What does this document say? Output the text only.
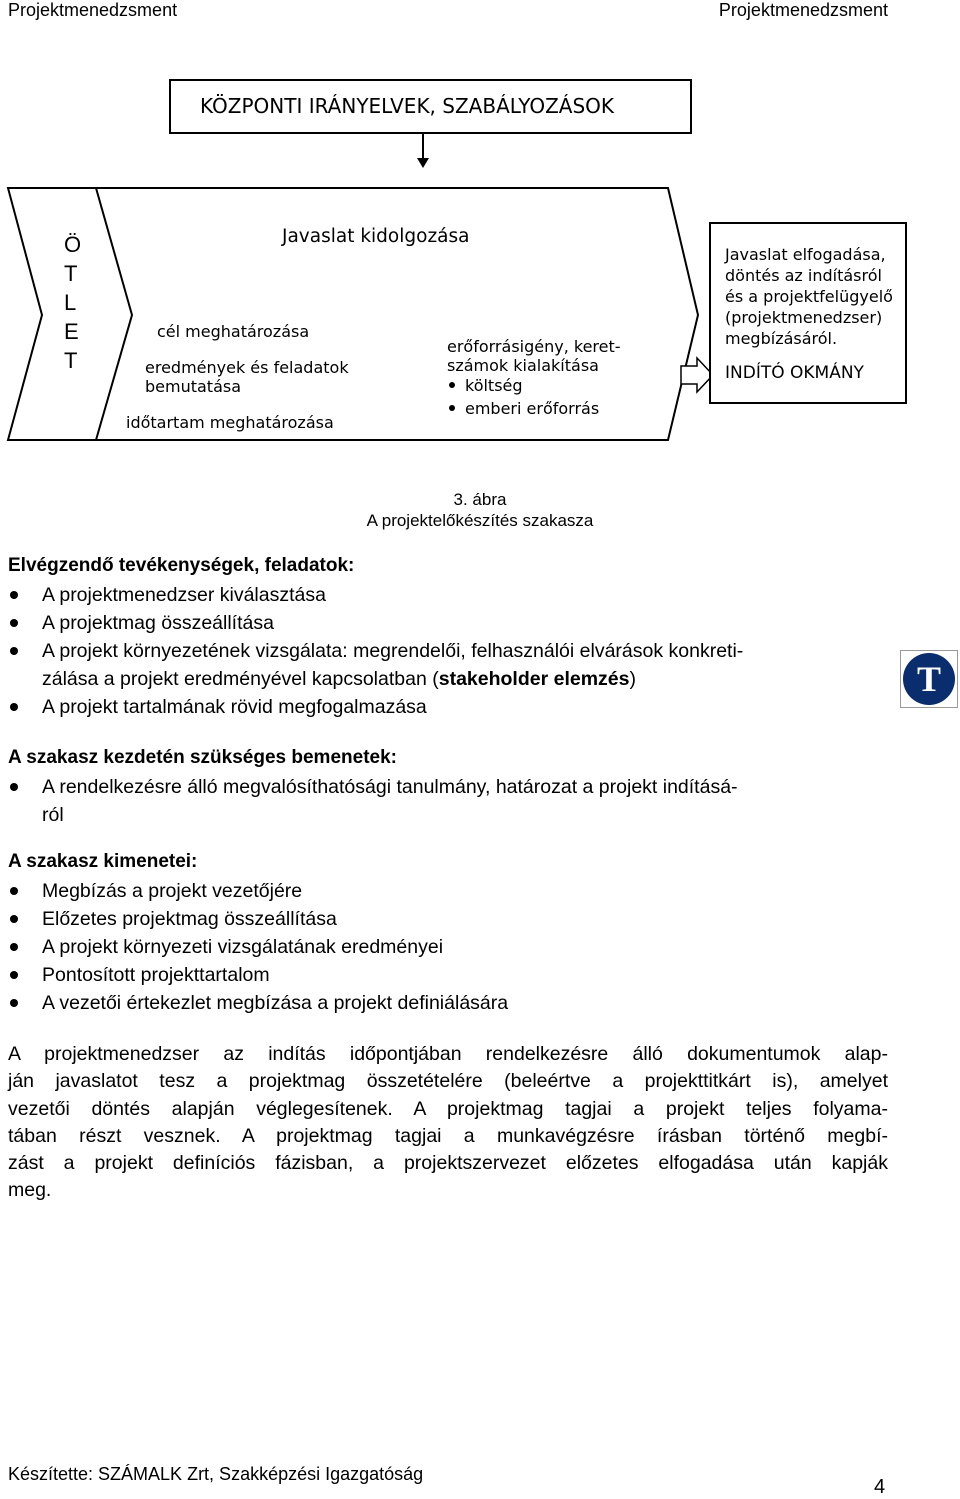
Projektmenedzsment	Projektmenedzsment
KÖZPONTI IRÁNYELVEK, SZABÁLYOZÁSOK
Ö
T
L
E
T
Javaslat kidolgozása
cél meghatározása
eredmények és feladatok
bemutatása
időtartam meghatározása
erőforrásigény, keret-
számok kialakítása
költség
emberi erőforrás
Javaslat elfogadása,
döntés az indításról
és a projektfelügyelő
(projektmenedzser)
megbízásáról.
INDÍTÓ OKMÁNY
3. ábra
A projektelőkészítés szakasza
Elvégzendő tevékenységek, feladatok:
A projektmenedzser kiválasztása
A projektmag összeállítása
A projekt környezetének vizsgálata: megrendelői, felhasználói elvárások konkreti-
zálása a projekt eredményével kapcsolatban (stakeholder elemzés)
A projekt tartalmának rövid megfogalmazása
A szakasz kezdetén szükséges bemenetek:
A rendelkezésre álló megvalósíthatósági tanulmány, határozat a projekt indításá-
ról
A szakasz kimenetei:
Megbízás a projekt vezetőjére
Előzetes projektmag összeállítása
A projekt környezeti vizsgálatának eredményei
Pontosított projekttartalom
A vezetői értekezlet megbízása a projekt definiálására
A projektmenedzser az indítás időpontjában rendelkezésre álló dokumentumok alap-
ján javaslatot tesz a projektmag összetételére (beleértve a projekttitkárt is), amelyet
vezetői döntés alapján véglegesítenek. A projektmag tagjai a projekt teljes folyama-
tában részt vesznek. A projektmag tagjai a munkavégzésre írásban történő megbí-
zást a projekt definíciós fázisban, a projektszervezet előzetes elfogadása után kapják
meg.
T
Készítette: SZÁMALK Zrt, Szakképzési Igazgatóság
4
